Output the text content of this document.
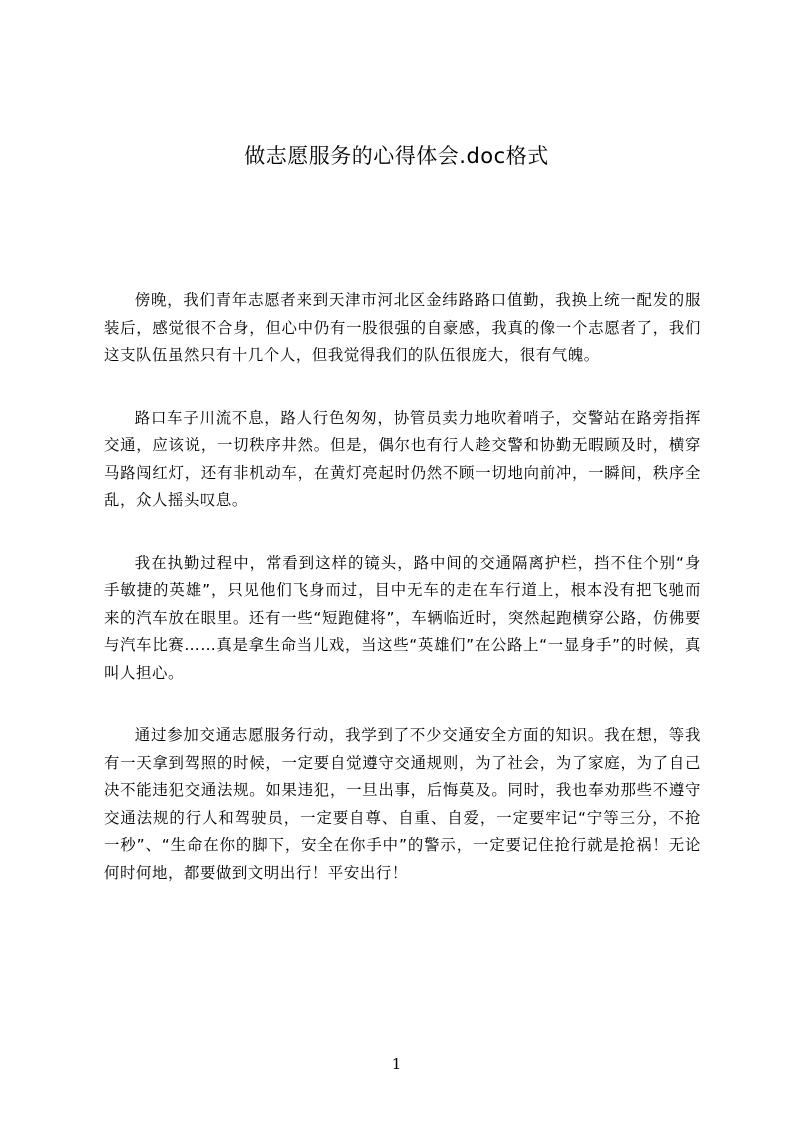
做志愿服务的心得体会.doc格式

傍晚，我们青年志愿者来到天津市河北区金纬路路口值勤，我换上统一配发的服装后，感觉很不合身，但心中仍有一股很强的自豪感，我真的像一个志愿者了，我们这支队伍虽然只有十几个人，但我觉得我们的队伍很庞大，很有气魄。

路口车子川流不息，路人行色匆匆，协管员卖力地吹着哨子，交警站在路旁指挥交通，应该说，一切秩序井然。但是，偶尔也有行人趁交警和协勤无暇顾及时，横穿马路闯红灯，还有非机动车，在黄灯亮起时仍然不顾一切地向前冲，一瞬间，秩序全乱，众人摇头叹息。

我在执勤过程中，常看到这样的镜头，路中间的交通隔离护栏，挡不住个别“身手敏捷的英雄”，只见他们飞身而过，目中无车的走在车行道上，根本没有把飞驰而来的汽车放在眼里。还有一些“短跑健将”，车辆临近时，突然起跑横穿公路，仿佛要与汽车比赛……真是拿生命当儿戏，当这些“英雄们”在公路上“一显身手”的时候，真叫人担心。

通过参加交通志愿服务行动，我学到了不少交通安全方面的知识。我在想，等我有一天拿到驾照的时候，一定要自觉遵守交通规则，为了社会，为了家庭，为了自己决不能违犯交通法规。如果违犯，一旦出事，后悔莫及。同时，我也奉劝那些不遵守交通法规的行人和驾驶员，一定要自尊、自重、自爱，一定要牢记“宁等三分，不抢一秒”、“生命在你的脚下，安全在你手中”的警示，一定要记住抢行就是抢祸！无论何时何地，都要做到文明出行！平安出行！

1
